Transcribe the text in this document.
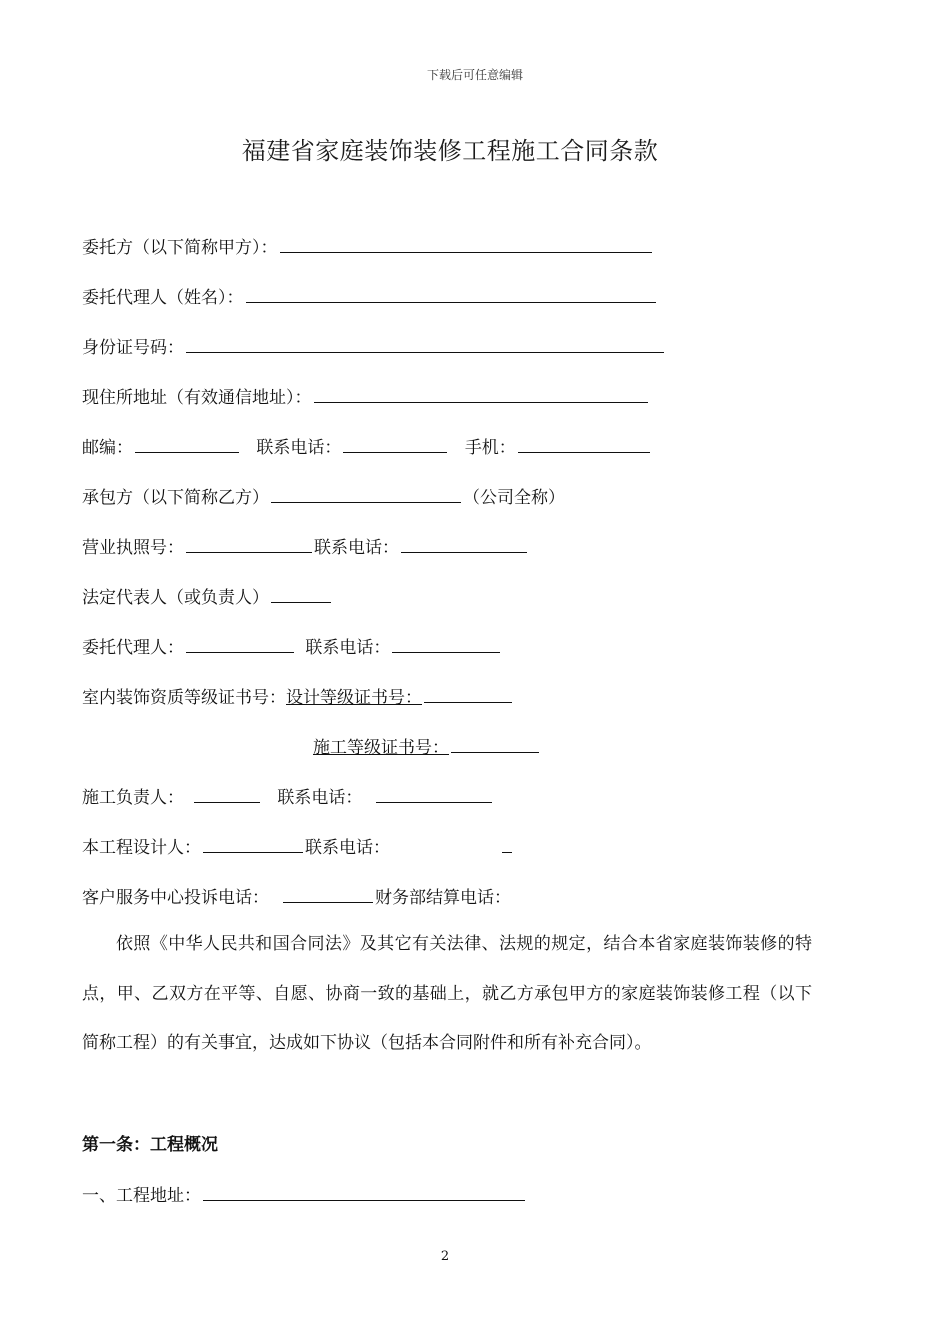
下载后可任意编辑
福建省家庭装饰装修工程施工合同条款
委托方（以下简称甲方）：
委托代理人（姓名）：
身份证号码：
现住所地址（有效通信地址）：
邮编：	联系电话：	手机：
承包方（以下简称乙方）	（公司全称）
营业执照号：	联系电话：
法定代表人（或负责人）
委托代理人：	联系电话：
室内装饰资质等级证书号：设计等级证书号：
施工等级证书号：
施工负责人：	联系电话：
本工程设计人：	联系电话：
客户服务中心投诉电话：	财务部结算电话：
依照《中华人民共和国合同法》及其它有关法律、法规的规定，结合本省家庭装饰装修的特点，甲、乙双方在平等、自愿、协商一致的基础上，就乙方承包甲方的家庭装饰装修工程（以下简称工程）的有关事宜，达成如下协议（包括本合同附件和所有补充合同）。
第一条：工程概况
一、工程地址：
2
